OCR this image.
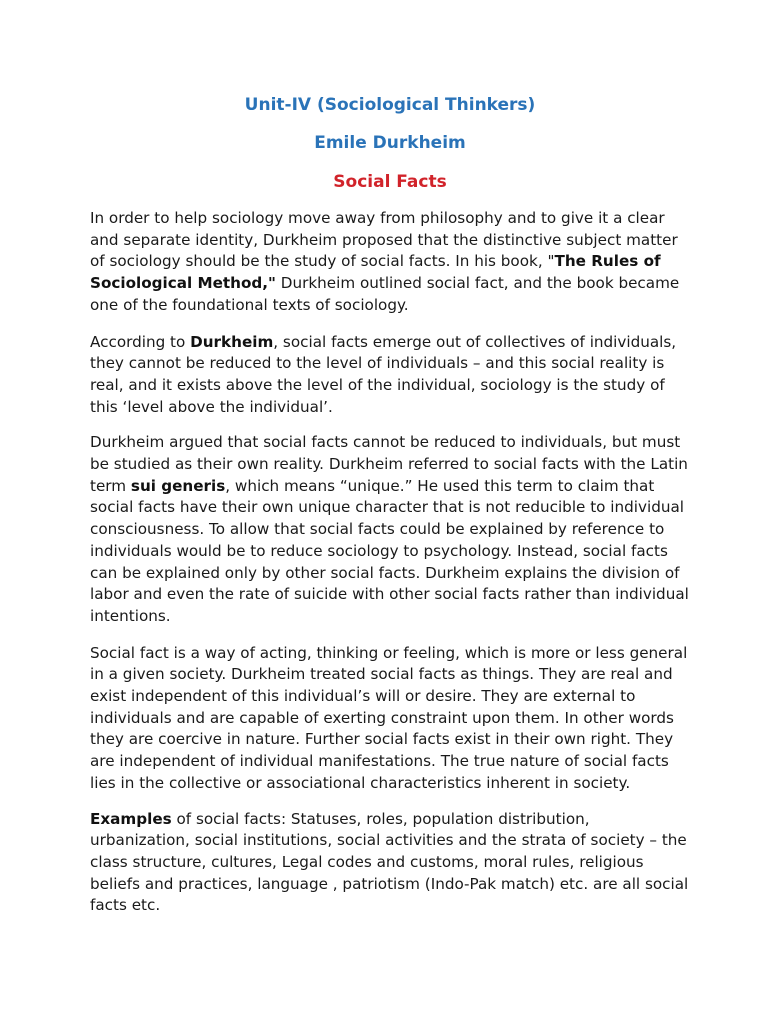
Unit-IV (Sociological Thinkers)
Emile Durkheim
Social Facts

In order to help sociology move away from philosophy and to give it a clear and separate identity, Durkheim proposed that the distinctive subject matter of sociology should be the study of social facts. In his book, "The Rules of Sociological Method," Durkheim outlined social fact, and the book became one of the foundational texts of sociology.

According to Durkheim, social facts emerge out of collectives of individuals, they cannot be reduced to the level of individuals – and this social reality is real, and it exists above the level of the individual, sociology is the study of this ‘level above the individual’.

Durkheim argued that social facts cannot be reduced to individuals, but must be studied as their own reality. Durkheim referred to social facts with the Latin term sui generis, which means “unique.” He used this term to claim that social facts have their own unique character that is not reducible to individual consciousness. To allow that social facts could be explained by reference to individuals would be to reduce sociology to psychology. Instead, social facts can be explained only by other social facts. Durkheim explains the division of labor and even the rate of suicide with other social facts rather than individual intentions.

Social fact is a way of acting, thinking or feeling, which is more or less general in a given society. Durkheim treated social facts as things. They are real and exist independent of this individual’s will or desire. They are external to individuals and are capable of exerting constraint upon them. In other words they are coercive in nature. Further social facts exist in their own right. They are independent of individual manifestations. The true nature of social facts lies in the collective or associational characteristics inherent in society.

Examples of social facts: Statuses, roles, population distribution, urbanization, social institutions, social activities and the strata of society – the class structure, cultures, Legal codes and customs, moral rules, religious beliefs and practices, language , patriotism (Indo-Pak match) etc. are all social facts etc.
